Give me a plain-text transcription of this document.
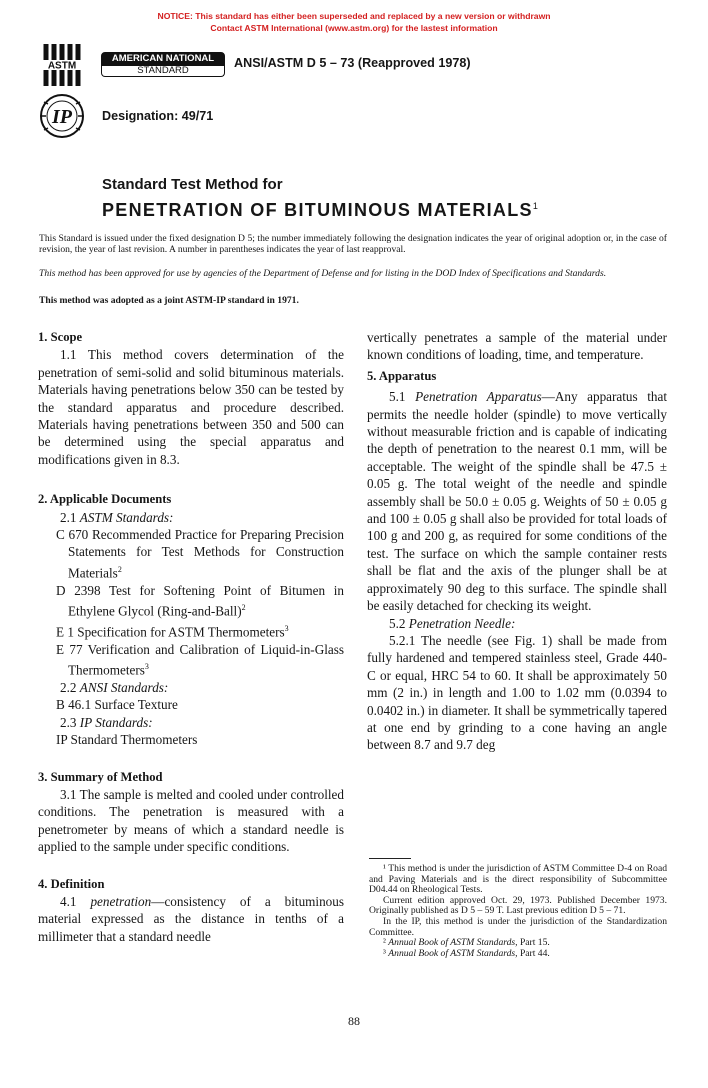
NOTICE: This standard has either been superseded and replaced by a new version or withdrawn
Contact ASTM International (www.astm.org) for the lastest information
ASTM
AMERICAN NATIONAL
STANDARD
ANSI/ASTM D 5 – 73 (Reapproved 1978)
IP Designation: 49/71
Standard Test Method for
PENETRATION OF BITUMINOUS MATERIALS$^1$

This Standard is issued under the fixed designation D 5; the number immediately following the designation indicates the year of original adoption or, in the case of revision, the year of last revision. A number in parentheses indicates the year of last reapproval.

This method has been approved for use by agencies of the Department of Defense and for listing in the DOD Index of Specifications and Standards.

This method was adopted as a joint ASTM-IP standard in 1971.

1. Scope

1.1 This method covers determination of the penetration of semi-solid and solid bituminous materials. Materials having penetrations below 350 can be tested by the standard apparatus and procedure described. Materials having penetrations between 350 and 500 can be determined using the special apparatus and modifications given in 8.3.

2. Applicable Documents

2.1 ASTM Standards:

C 670 Recommended Practice for Preparing Precision Statements for Test Methods for Construction Materials$^2$

D 2398 Test for Softening Point of Bitumen in Ethylene Glycol (Ring-and-Ball)$^2$

E 1 Specification for ASTM Thermometers$^3$

E 77 Verification and Calibration of Liquid-in-Glass Thermometers$^3$

2.2 ANSI Standards:

B 46.1 Surface Texture

2.3 IP Standards:

IP Standard Thermometers

3. Summary of Method

3.1 The sample is melted and cooled under controlled conditions. The penetration is measured with a penetrometer by means of which a standard needle is applied to the sample under specific conditions.

4. Definition

4.1 penetration—consistency of a bituminous material expressed as the distance in tenths of a millimeter that a standard needle

vertically penetrates a sample of the material under known conditions of loading, time, and temperature.

5. Apparatus

5.1 Penetration Apparatus—Any apparatus that permits the needle holder (spindle) to move vertically without measurable friction and is capable of indicating the depth of penetration to the nearest 0.1 mm, will be acceptable. The weight of the spindle shall be 47.5 ± 0.05 g. The total weight of the needle and spindle assembly shall be 50.0 ± 0.05 g. Weights of 50 ± 0.05 g and 100 ± 0.05 g shall also be provided for total loads of 100 g and 200 g, as required for some conditions of the test. The surface on which the sample container rests shall be flat and the axis of the plunger shall be at approximately 90 deg to this surface. The spindle shall be easily detached for checking its weight.

5.2 Penetration Needle:

5.2.1 The needle (see Fig. 1) shall be made from fully hardened and tempered stainless steel, Grade 440-C or equal, HRC 54 to 60. It shall be approximately 50 mm (2 in.) in length and 1.00 to 1.02 mm (0.0394 to 0.0402 in.) in diameter. It shall be symmetrically tapered at one end by grinding to a cone having an angle between 8.7 and 9.7 deg

¹ This method is under the jurisdiction of ASTM Committee D-4 on Road and Paving Materials and is the direct responsibility of Subcommittee D04.44 on Rheological Tests.

Current edition approved Oct. 29, 1973. Published December 1973. Originally published as D 5 – 59 T. Last previous edition D 5 – 71.

In the IP, this method is under the jurisdiction of the Standardization Committee.

² Annual Book of ASTM Standards, Part 15.

³ Annual Book of ASTM Standards, Part 44.

88
